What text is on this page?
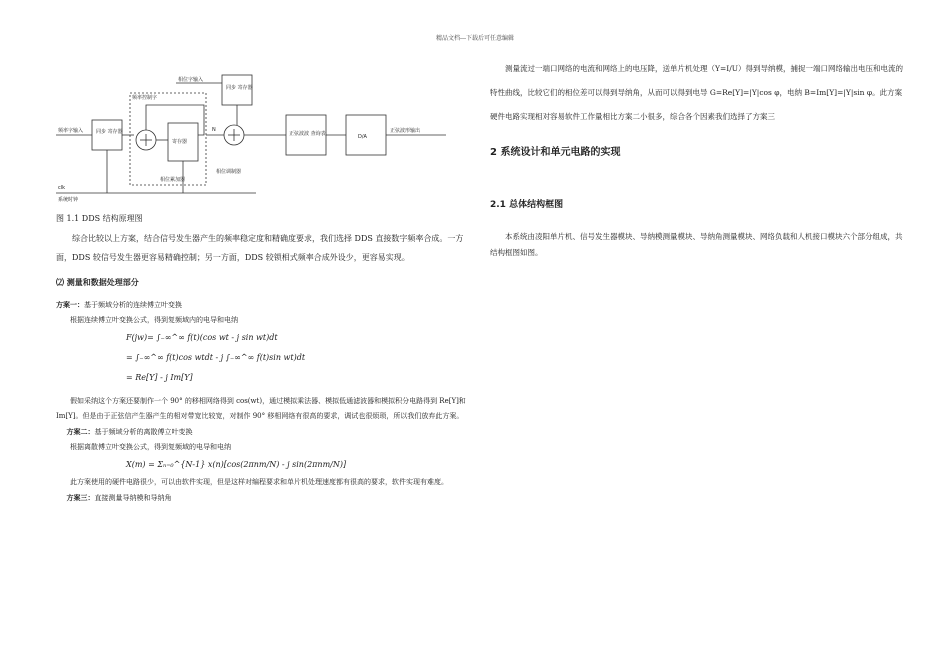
精品文档---下载后可任意编辑
频率字输入	同步 寄存器
频率控制字
寄存器
相位累加器
相位字输入
同步 寄存器
相位调制器
正弦波波 查询表	D/A
正弦波形输出
clk
系统时钟
N
图 1.1 DDS 结构原理图

综合比较以上方案，结合信号发生器产生的频率稳定度和精确度要求，我们选择 DDS 直接数字频率合成。一方面，DDS 较信号发生器更容易精确控制；另一方面，DDS 较锁相式频率合成外设少，更容易实现。

⑵ 测量和数据处理部分
方案一：基于频域分析的连续傅立叶变换
根据连续傅立叶变换公式，得到复频域内的电导和电纳
F(jw)= ∫₋∞^∞ f(t)(cos wt - j sin wt)dt
= ∫₋∞^∞ f(t)cos wtdt - j ∫₋∞^∞ f(t)sin wt)dt
= Re[Y] - j Im[Y]

假如采纳这个方案还要制作一个 90° 的移相网络得到 cos(wt)，通过模拟乘法器、模拟低通滤波器和模拟积分电路得到 Re[Y]和 Im[Y]。但是由于正弦信产生器产生的相对带宽比较宽，对制作 90° 移相网络有很高的要求，调试也很烦琐，所以我们放弃此方案。

方案二：基于频域分析的离散傅立叶变换
根据离散傅立叶变换公式，得到复频域的电导和电纳
X(m) = Σₙ₌₀^{N-1} x(n)[cos(2πnm/N) - j sin(2πnm/N)]

此方案使用的硬件电路很少，可以由软件实现，但是这样对编程要求和单片机处理速度都有很高的要求，软件实现有难度。

方案三：直接测量导纳模和导纳角

测量流过一端口网络的电流和网络上的电压降，送单片机处理（Y=I/U）得到导纳模，捕捉一端口网络输出电压和电流的特性曲线，比较它们的相位差可以得到导纳角，从而可以得到电导 G=Re[Y]=|Y|cos φ，电纳 B=Im[Y]=|Y|sin φ。此方案硬件电路实现相对容易软件工作量相比方案二小很多，综合各个因素我们选择了方案三

2 系统设计和单元电路的实现
2.1 总体结构框图

本系统由凌阳单片机、信号发生器模块、导纳模测量模块、导纳角测量模块、网络负载和人机接口模块六个部分组成，共结构框图如图。
